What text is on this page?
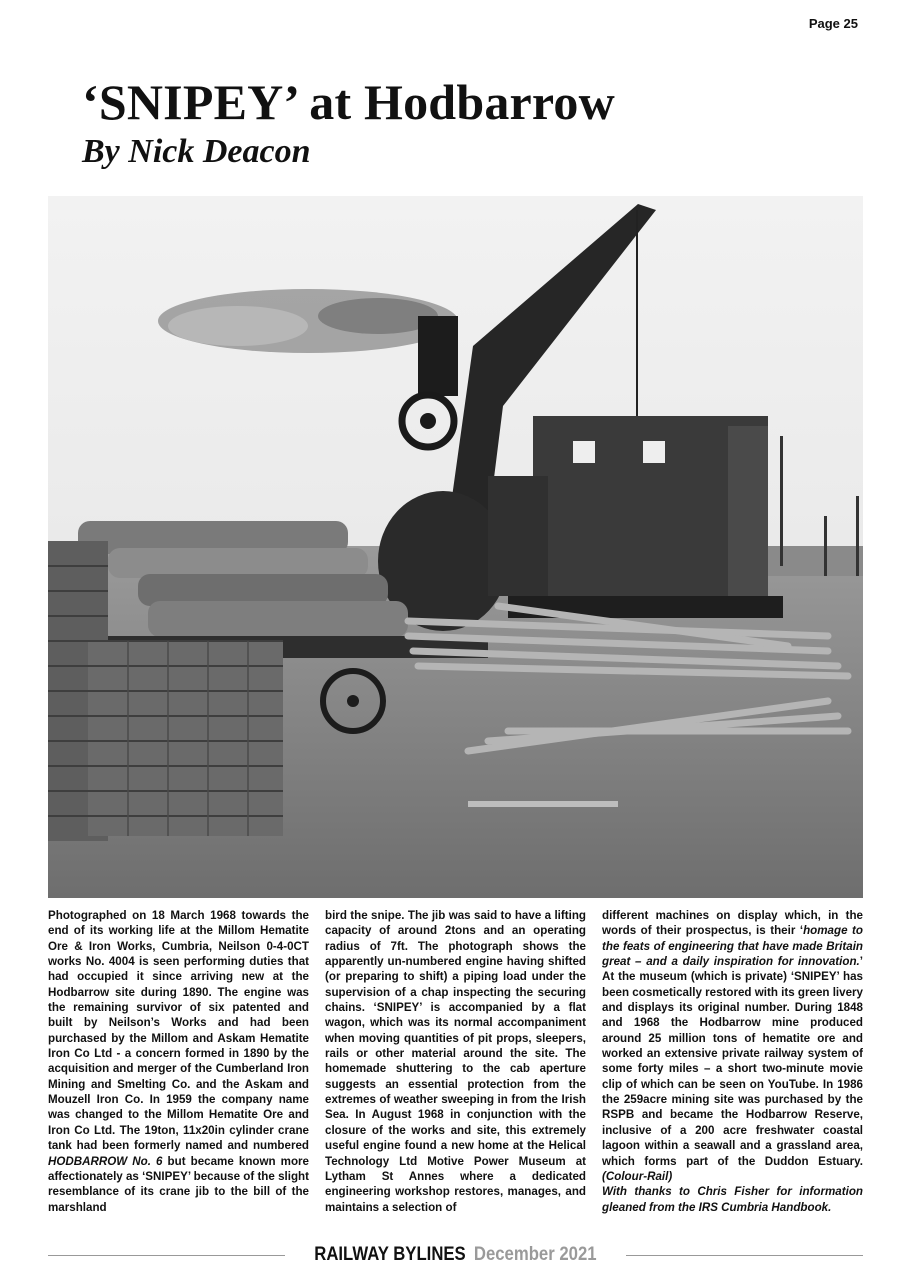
Page 25
‘SNIPEY’ at Hodbarrow
By Nick Deacon

Photographed on 18 March 1968 towards the end of its working life at the Millom Hematite Ore & Iron Works, Cumbria, Neilson 0-4-0CT works No. 4004 is seen performing duties that had occupied it since arriving new at the Hodbarrow site during 1890. The engine was the remaining survivor of six patented and built by Neilson’s Works and had been purchased by the Millom and Askam Hematite Iron Co Ltd - a concern formed in 1890 by the acquisition and merger of the Cumberland Iron Mining and Smelting Co. and the Askam and Mouzell Iron Co. In 1959 the company name was changed to the Millom Hematite Ore and Iron Co Ltd. The 19ton, 11x20in cylinder crane tank had been formerly named and numbered HODBARROW No. 6 but became known more affectionately as ‘SNIPEY’ because of the slight resemblance of its crane jib to the bill of the marshland

bird the snipe. The jib was said to have a lifting capacity of around 2tons and an operating radius of 7ft. The photograph shows the apparently un-numbered engine having shifted (or preparing to shift) a piping load under the supervision of a chap inspecting the securing chains. ‘SNIPEY’ is accompanied by a flat wagon, which was its normal accompaniment when moving quantities of pit props, sleepers, rails or other material around the site. The homemade shuttering to the cab aperture suggests an essential protection from the extremes of weather sweeping in from the Irish Sea. In August 1968 in conjunction with the closure of the works and site, this extremely useful engine found a new home at the Helical Technology Ltd Motive Power Museum at Lytham St Annes where a dedicated engineering workshop restores, manages, and maintains a selection of

different machines on display which, in the words of their prospectus, is their ‘homage to the feats of engineering that have made Britain great – and a daily inspiration for innovation.’ At the museum (which is private) ‘SNIPEY’ has been cosmetically restored with its green livery and displays its original number. During 1848 and 1968 the Hodbarrow mine produced around 25 million tons of hematite ore and worked an extensive private railway system of some forty miles – a short two-minute movie clip of which can be seen on YouTube. In 1986 the 259acre mining site was purchased by the RSPB and became the Hodbarrow Reserve, inclusive of a 200 acre freshwater coastal lagoon within a seawall and a grassland area, which forms part of the Duddon Estuary. (Colour-Rail)
With thanks to Chris Fisher for information gleaned from the IRS Cumbria Handbook.

RAILWAY BYLINES December 2021
